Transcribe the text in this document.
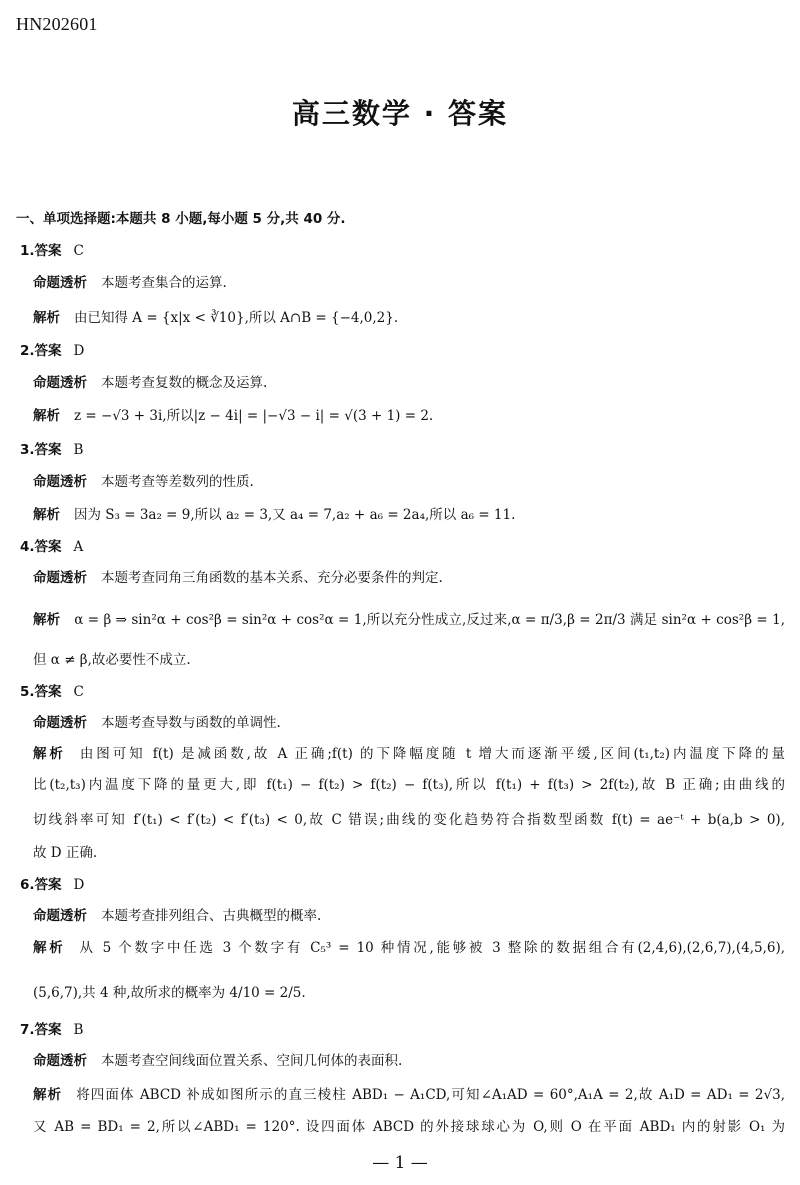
HN202601
高三数学 · 答案
一、单项选择题:本题共 8 小题,每小题 5 分,共 40 分.
1.答案 C
命题透析 本题考查集合的运算.
解析 由已知得 A = {x|x < ∛10},所以 A∩B = {−4,0,2}.
2.答案 D
命题透析 本题考查复数的概念及运算.
解析 z = −√3 + 3i,所以|z − 4i| = |−√3 − i| = √(3 + 1) = 2.
3.答案 B
命题透析 本题考查等差数列的性质.
解析 因为 S₃ = 3a₂ = 9,所以 a₂ = 3,又 a₄ = 7,a₂ + a₆ = 2a₄,所以 a₆ = 11.
4.答案 A
命题透析 本题考查同角三角函数的基本关系、充分必要条件的判定.
解析 α = β ⇒ sin²α + cos²β = sin²α + cos²α = 1,所以充分性成立,反过来,α = π/3,β = 2π/3 满足 sin²α + cos²β = 1,
但 α ≠ β,故必要性不成立.
5.答案 C
命题透析 本题考查导数与函数的单调性.
解析 由图可知 f(t) 是减函数,故 A 正确;f(t) 的下降幅度随 t 增大而逐渐平缓,区间(t₁,t₂)内温度下降的量
比(t₂,t₃)内温度下降的量更大,即 f(t₁) − f(t₂) > f(t₂) − f(t₃),所以 f(t₁) + f(t₃) > 2f(t₂),故 B 正确;由曲线的
切线斜率可知 f′(t₁) < f′(t₂) < f′(t₃) < 0,故 C 错误;曲线的变化趋势符合指数型函数 f(t) = ae⁻ᵗ + b(a,b > 0),
故 D 正确.
6.答案 D
命题透析 本题考查排列组合、古典概型的概率.
解析 从 5 个数字中任选 3 个数字有 C₅³ = 10 种情况,能够被 3 整除的数据组合有(2,4,6),(2,6,7),(4,5,6),
(5,6,7),共 4 种,故所求的概率为 4/10 = 2/5.
7.答案 B
命题透析 本题考查空间线面位置关系、空间几何体的表面积.
解析 将四面体 ABCD 补成如图所示的直三棱柱 ABD₁ − A₁CD,可知∠A₁AD = 60°,A₁A = 2,故 A₁D = AD₁ = 2√3,
又 AB = BD₁ = 2,所以∠ABD₁ = 120°. 设四面体 ABCD 的外接球球心为 O,则 O 在平面 ABD₁ 内的射影 O₁ 为
— 1 —
